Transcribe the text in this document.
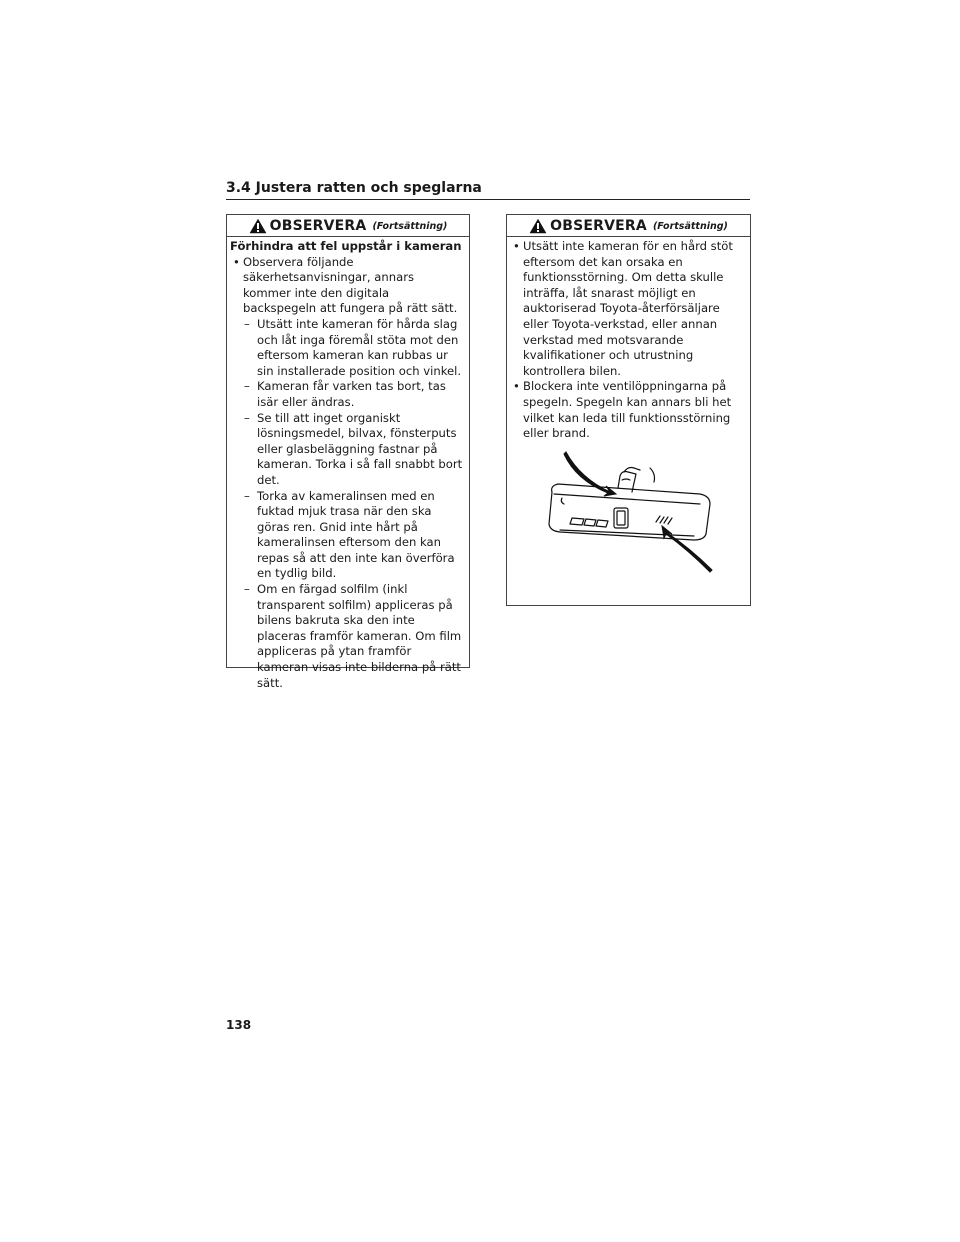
3.4 Justera ratten och speglarna
OBSERVERA (Fortsättning)
Förhindra att fel uppstår i kameran
• Observera följande säkerhetsanvisningar, annars kommer inte den digitala backspegeln att fungera på rätt sätt.
– Utsätt inte kameran för hårda slag och låt inga föremål stöta mot den eftersom kameran kan rubbas ur sin installerade position och vinkel.
– Kameran får varken tas bort, tas isär eller ändras.
– Se till att inget organiskt lösningsmedel, bilvax, fönsterputs eller glasbeläggning fastnar på kameran. Torka i så fall snabbt bort det.
– Torka av kameralinsen med en fuktad mjuk trasa när den ska göras ren. Gnid inte hårt på kameralinsen eftersom den kan repas så att den inte kan överföra en tydlig bild.
– Om en färgad solfilm (inkl transparent solfilm) appliceras på bilens bakruta ska den inte placeras framför kameran. Om film appliceras på ytan framför kameran visas inte bilderna på rätt sätt.
OBSERVERA (Fortsättning)
• Utsätt inte kameran för en hård stöt eftersom det kan orsaka en funktionsstörning. Om detta skulle inträffa, låt snarast möjligt en auktoriserad Toyota-återförsäljare eller Toyota-verkstad, eller annan verkstad med motsvarande kvalifikationer och utrustning kontrollera bilen.
• Blockera inte ventilöppningarna på spegeln. Spegeln kan annars bli het vilket kan leda till funktionsstörning eller brand.
138
